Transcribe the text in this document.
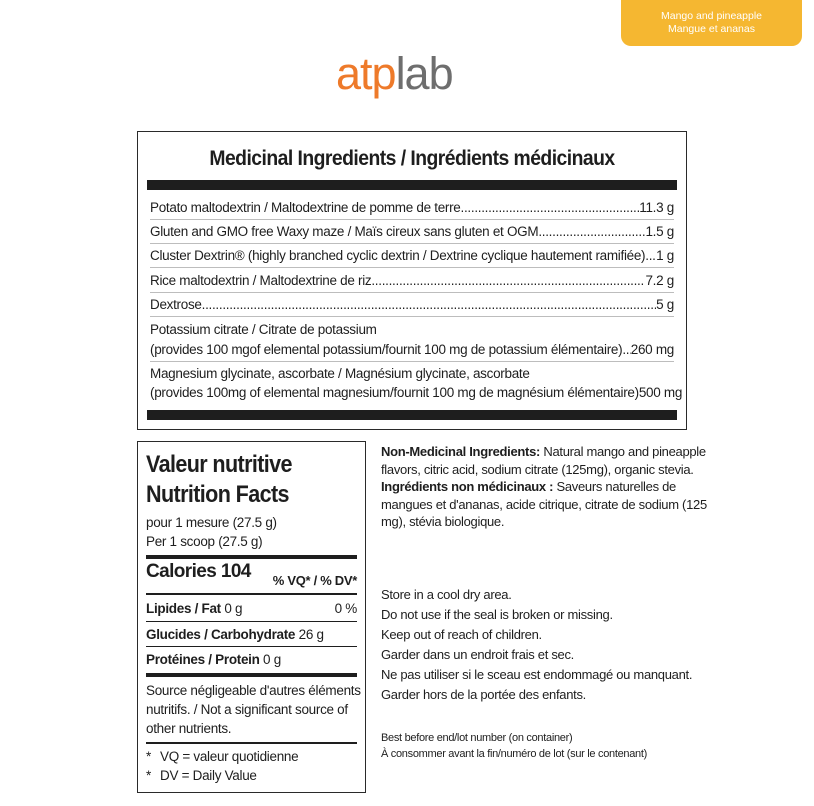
Mango and pineapple
Mangue et ananas
atplab
Medicinal Ingredients / Ingrédients médicinaux
Potato maltodextrin / Maltodextrine de pomme de terre .....	11.3 g
Gluten and GMO free Waxy maze / Maïs cireux sans gluten et OGM .....	1.5 g
Cluster Dextrin® (highly branched cyclic dextrin / Dextrine cyclique hautement ramifiée) ..... 1 g
Rice maltodextrin / Maltodextrine de riz .....	7.2 g
Dextrose .....	5 g
Potassium citrate / Citrate de potassium
(provides 100 mgof elemental potassium/fournit 100 mg de potassium élémentaire) ..... 260 mg
Magnesium glycinate, ascorbate / Magnésium glycinate, ascorbate
(provides 100mg of elemental magnesium/fournit 100 mg de magnésium élémentaire) 500 mg
Valeur nutritive
Nutrition Facts
pour 1 mesure (27.5 g)
Per 1 scoop (27.5 g)
Calories 104 % VQ* / % DV*
Lipides / Fat 0 g	0 %
Glucides / Carbohydrate 26 g
Protéines / Protein 0 g
Source négligeable d'autres éléments
nutritifs. / Not a significant source of
other nutrients.
* VQ = valeur quotidienne
* DV = Daily Value
Non-Medicinal Ingredients: Natural mango and pineapple
flavors, citric acid, sodium citrate (125mg), organic stevia.
Ingrédients non médicinaux : Saveurs naturelles de
mangues et d'ananas, acide citrique, citrate de sodium (125
mg), stévia biologique.
Store in a cool dry area.
Do not use if the seal is broken or missing.
Keep out of reach of children.
Garder dans un endroit frais et sec.
Ne pas utiliser si le sceau est endommagé ou manquant.
Garder hors de la portée des enfants.
Best before end/lot number (on container)
À consommer avant la fin/numéro de lot (sur le contenant)
